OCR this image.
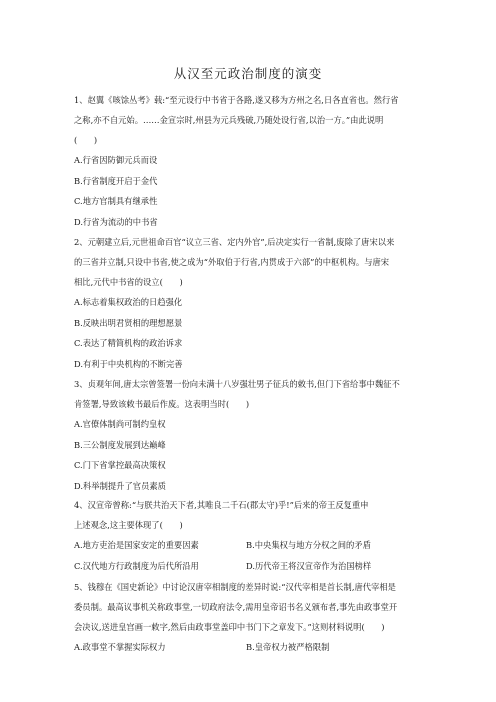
从汉至元政治制度的演变

1、赵翼《咳馀丛考》载:“至元设行中书省于各路,遂又移为方州之名,日各直省也。然行省

之称,亦不自元始。……金宣宗时,州县为元兵残破,乃随处设行省,以治一方。”由此说明

(　　)

A.行省因防御元兵而设

B.行省制度开启于金代

C.地方官制具有继承性

D.行省为流动的中书省

2、元朝建立后,元世祖命百官“议立三省、定内外官”,后决定实行一省制,废除了唐宋以来

的三省并立制,只设中书省,使之成为“外取伯于行省,内贯成于六部”的中枢机构。与唐宋

相比,元代中书省的设立(　　)

A.标志着集权政治的日趋强化

B.反映出明君贤相的理想愿景

C.表达了精简机构的政治诉求

D.有利于中央机构的不断完善

3、贞观年间,唐太宗曾签署一份向未满十八岁强壮男子征兵的敕书,但门下省给事中魏征不

肯签署,导致该敕书最后作废。这表明当时(　　)

A.官僚体制尚可制约皇权

B.三公制度发展到达巅峰

C.门下省掌控最高决策权

D.科举制提升了官员素质

4、汉宣帝曾称:“与朕共治天下者,其唯良二千石(郡太守)乎!”后来的帝王反复重申

上述观念,这主要体现了(　　)

A.地方吏治是国家安定的重要因素	B.中央集权与地方分权之间的矛盾
C.汉代地方行政制度为后代所沿用	D.历代帝王将汉宣帝作为治国榜样

5、钱穆在《国史新论》中讨论汉唐宰相制度的差异时说:“汉代宰相是首长制,唐代宰相是

委员制。最高议事机关称政事堂,一切政府法令,需用皇帝诏书名义颁布者,事先由政事堂开

会决议,送进皇宫画一敕字,然后由政事堂盖印中书门下之章发下。”这则材料说明(　　)

A.政事堂不掌握实际权力	B.皇帝权力被严格限制
